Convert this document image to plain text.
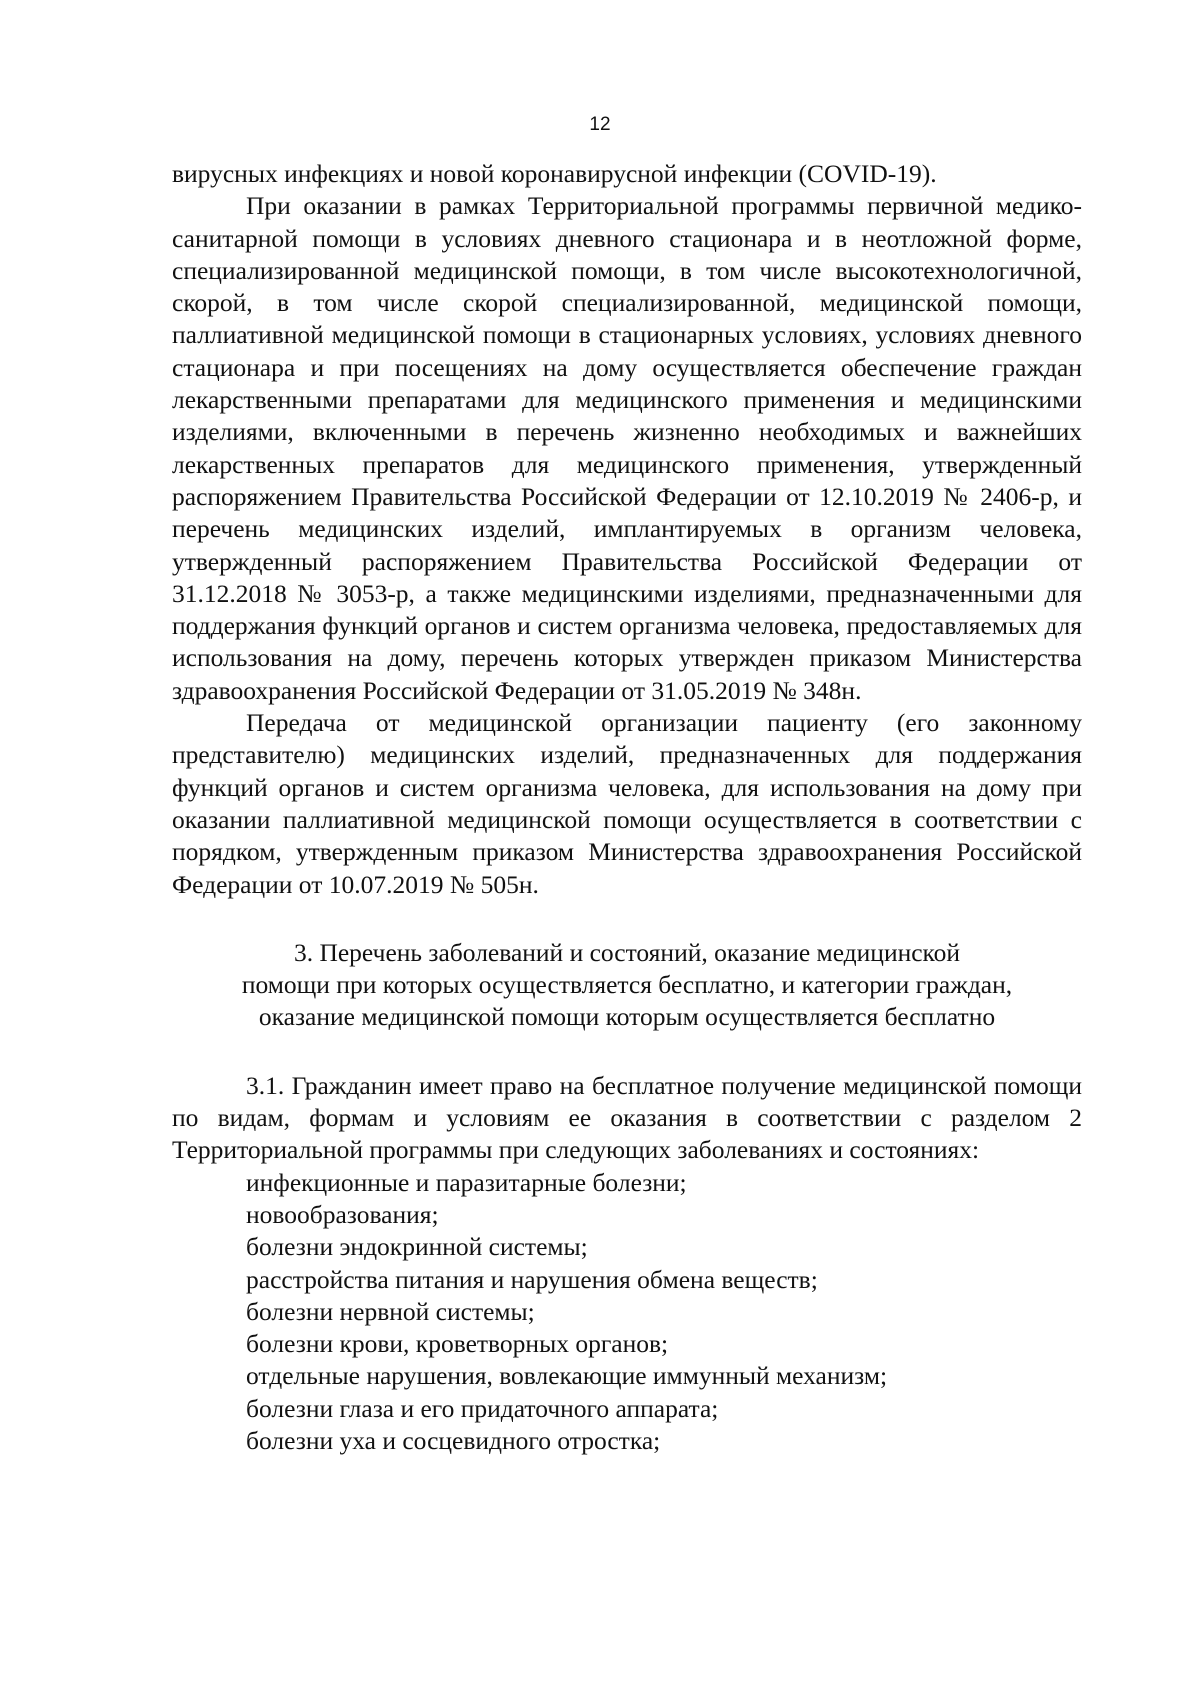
12

вирусных инфекциях и новой коронавирусной инфекции (COVID-19).

При оказании в рамках Территориальной программы первичной медико-санитарной помощи в условиях дневного стационара и в неотложной форме, специализированной медицинской помощи, в том числе высокотехнологичной, скорой, в том числе скорой специализированной, медицинской помощи, паллиативной медицинской помощи в стационарных условиях, условиях дневного стационара и при посещениях на дому осуществляется обеспечение граждан лекарственными препаратами для медицинского применения и медицинскими изделиями, включенными в перечень жизненно необходимых и важнейших лекарственных препаратов для медицинского применения, утвержденный распоряжением Правительства Российской Федерации от 12.10.2019 № 2406-р, и перечень медицинских изделий, имплантируемых в организм человека, утвержденный распоряжением Правительства Российской Федерации от 31.12.2018 № 3053-р, а также медицинскими изделиями, предназначенными для поддержания функций органов и систем организма человека, предоставляемых для использования на дому, перечень которых утвержден приказом Министерства здравоохранения Российской Федерации от 31.05.2019 № 348н.

Передача от медицинской организации пациенту (его законному представителю) медицинских изделий, предназначенных для поддержания функций органов и систем организма человека, для использования на дому при оказании паллиативной медицинской помощи осуществляется в соответствии с порядком, утвержденным приказом Министерства здравоохранения Российской Федерации от 10.07.2019 № 505н.

3. Перечень заболеваний и состояний, оказание медицинской
помощи при которых осуществляется бесплатно, и категории граждан,
оказание медицинской помощи которым осуществляется бесплатно

3.1. Гражданин имеет право на бесплатное получение медицинской помощи по видам, формам и условиям ее оказания в соответствии с разделом 2 Территориальной программы при следующих заболеваниях и состояниях:

инфекционные и паразитарные болезни;
новообразования;
болезни эндокринной системы;
расстройства питания и нарушения обмена веществ;
болезни нервной системы;
болезни крови, кроветворных органов;
отдельные нарушения, вовлекающие иммунный механизм;
болезни глаза и его придаточного аппарата;
болезни уха и сосцевидного отростка;
